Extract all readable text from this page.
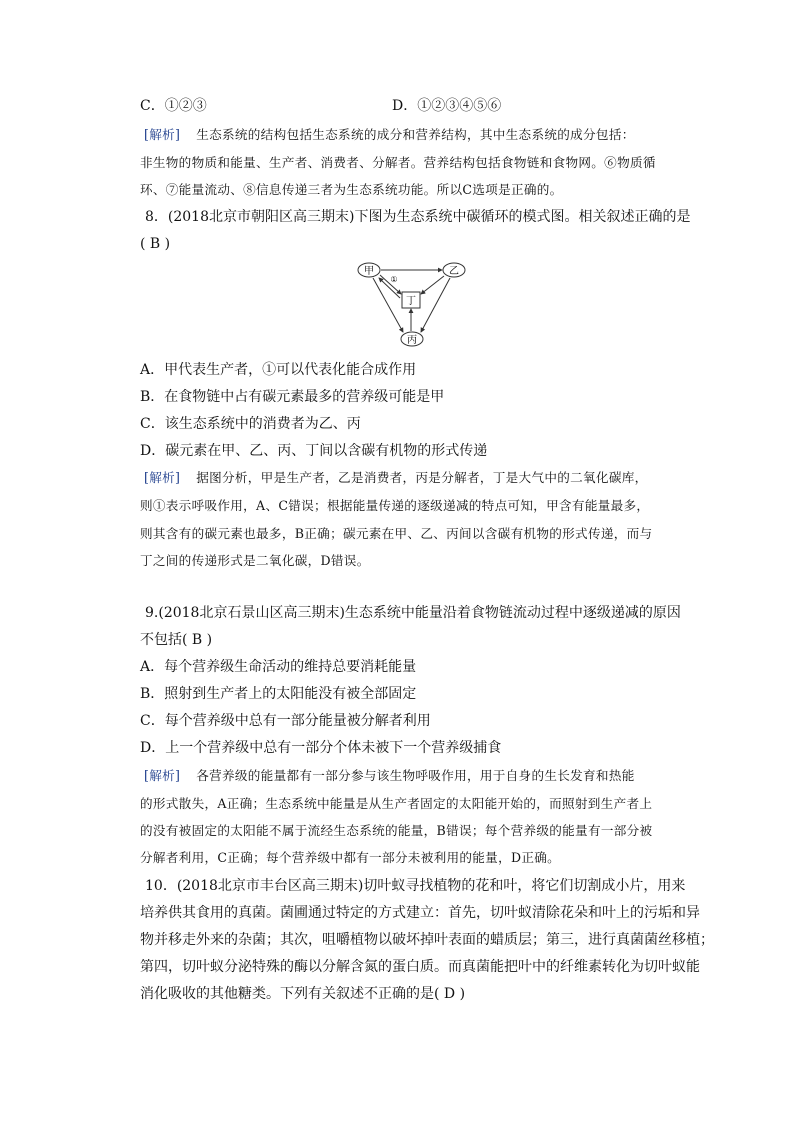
C．①②③	D．①②③④⑤⑥
[解析] 生态系统的结构包括生态系统的成分和营养结构，其中生态系统的成分包括：
非生物的物质和能量、生产者、消费者、分解者。营养结构包括食物链和食物网。⑥物质循
环、⑦能量流动、⑧信息传递三者为生态系统功能。所以C选项是正确的。
8．(2018北京市朝阳区高三期末)下图为生态系统中碳循环的模式图。相关叙述正确的是
( B )
甲	乙
丙
丁
①
A．甲代表生产者，①可以代表化能合成作用
B．在食物链中占有碳元素最多的营养级可能是甲
C．该生态系统中的消费者为乙、丙
D．碳元素在甲、乙、丙、丁间以含碳有机物的形式传递
[解析] 据图分析，甲是生产者，乙是消费者，丙是分解者，丁是大气中的二氧化碳库，
则①表示呼吸作用，A、C错误；根据能量传递的逐级递减的特点可知，甲含有能量最多，
则其含有的碳元素也最多，B正确；碳元素在甲、乙、丙间以含碳有机物的形式传递，而与
丁之间的传递形式是二氧化碳，D错误。
9.(2018北京石景山区高三期末)生态系统中能量沿着食物链流动过程中逐级递减的原因
不包括( B )
A．每个营养级生命活动的维持总要消耗能量
B．照射到生产者上的太阳能没有被全部固定
C．每个营养级中总有一部分能量被分解者利用
D．上一个营养级中总有一部分个体未被下一个营养级捕食
[解析] 各营养级的能量都有一部分参与该生物呼吸作用，用于自身的生长发育和热能
的形式散失，A正确；生态系统中能量是从生产者固定的太阳能开始的，而照射到生产者上
的没有被固定的太阳能不属于流经生态系统的能量，B错误；每个营养级的能量有一部分被
分解者利用，C正确；每个营养级中都有一部分未被利用的能量，D正确。
10．(2018北京市丰台区高三期末)切叶蚁寻找植物的花和叶，将它们切割成小片，用来
培养供其食用的真菌。菌圃通过特定的方式建立：首先，切叶蚁清除花朵和叶上的污垢和异
物并移走外来的杂菌；其次，咀嚼植物以破坏掉叶表面的蜡质层；第三，进行真菌菌丝移植；
第四，切叶蚁分泌特殊的酶以分解含氮的蛋白质。而真菌能把叶中的纤维素转化为切叶蚁能
消化吸收的其他糖类。下列有关叙述不正确的是( D )
